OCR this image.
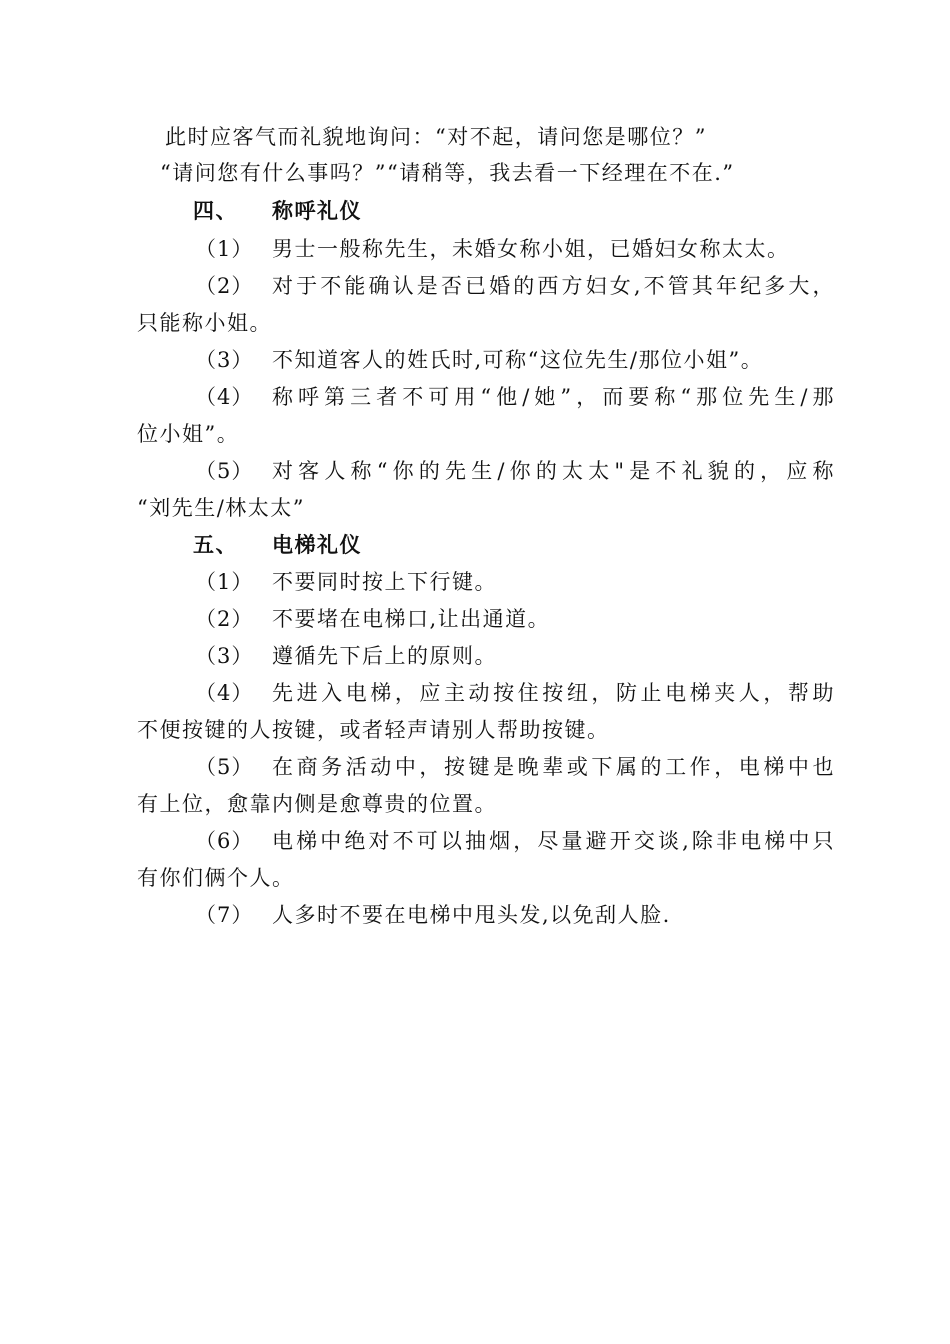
此时应客气而礼貌地询问：“对不起，请问您是哪位？”
“请问您有什么事吗？”“请稍等，我去看一下经理在不在.”
四、 称呼礼仪
（1） 男士一般称先生，未婚女称小姐，已婚妇女称太太。
（2） 对于不能确认是否已婚的西方妇女,不管其年纪多大，
只能称小姐。
（3） 不知道客人的姓氏时,可称“这位先生/那位小姐”。
（4） 称呼第三者不可用“他/她”，而要称“那位先生/那
位小姐”。
（5） 对客人称“你的先生/你的太太"是不礼貌的，应称
“刘先生/林太太”
五、 电梯礼仪
（1） 不要同时按上下行键。
（2） 不要堵在电梯口,让出通道。
（3） 遵循先下后上的原则。
（4） 先进入电梯，应主动按住按纽，防止电梯夹人，帮助
不便按键的人按键，或者轻声请别人帮助按键。
（5） 在商务活动中，按键是晚辈或下属的工作，电梯中也
有上位，愈靠内侧是愈尊贵的位置。
（6） 电梯中绝对不可以抽烟，尽量避开交谈,除非电梯中只
有你们俩个人。
（7） 人多时不要在电梯中甩头发,以免刮人脸.
